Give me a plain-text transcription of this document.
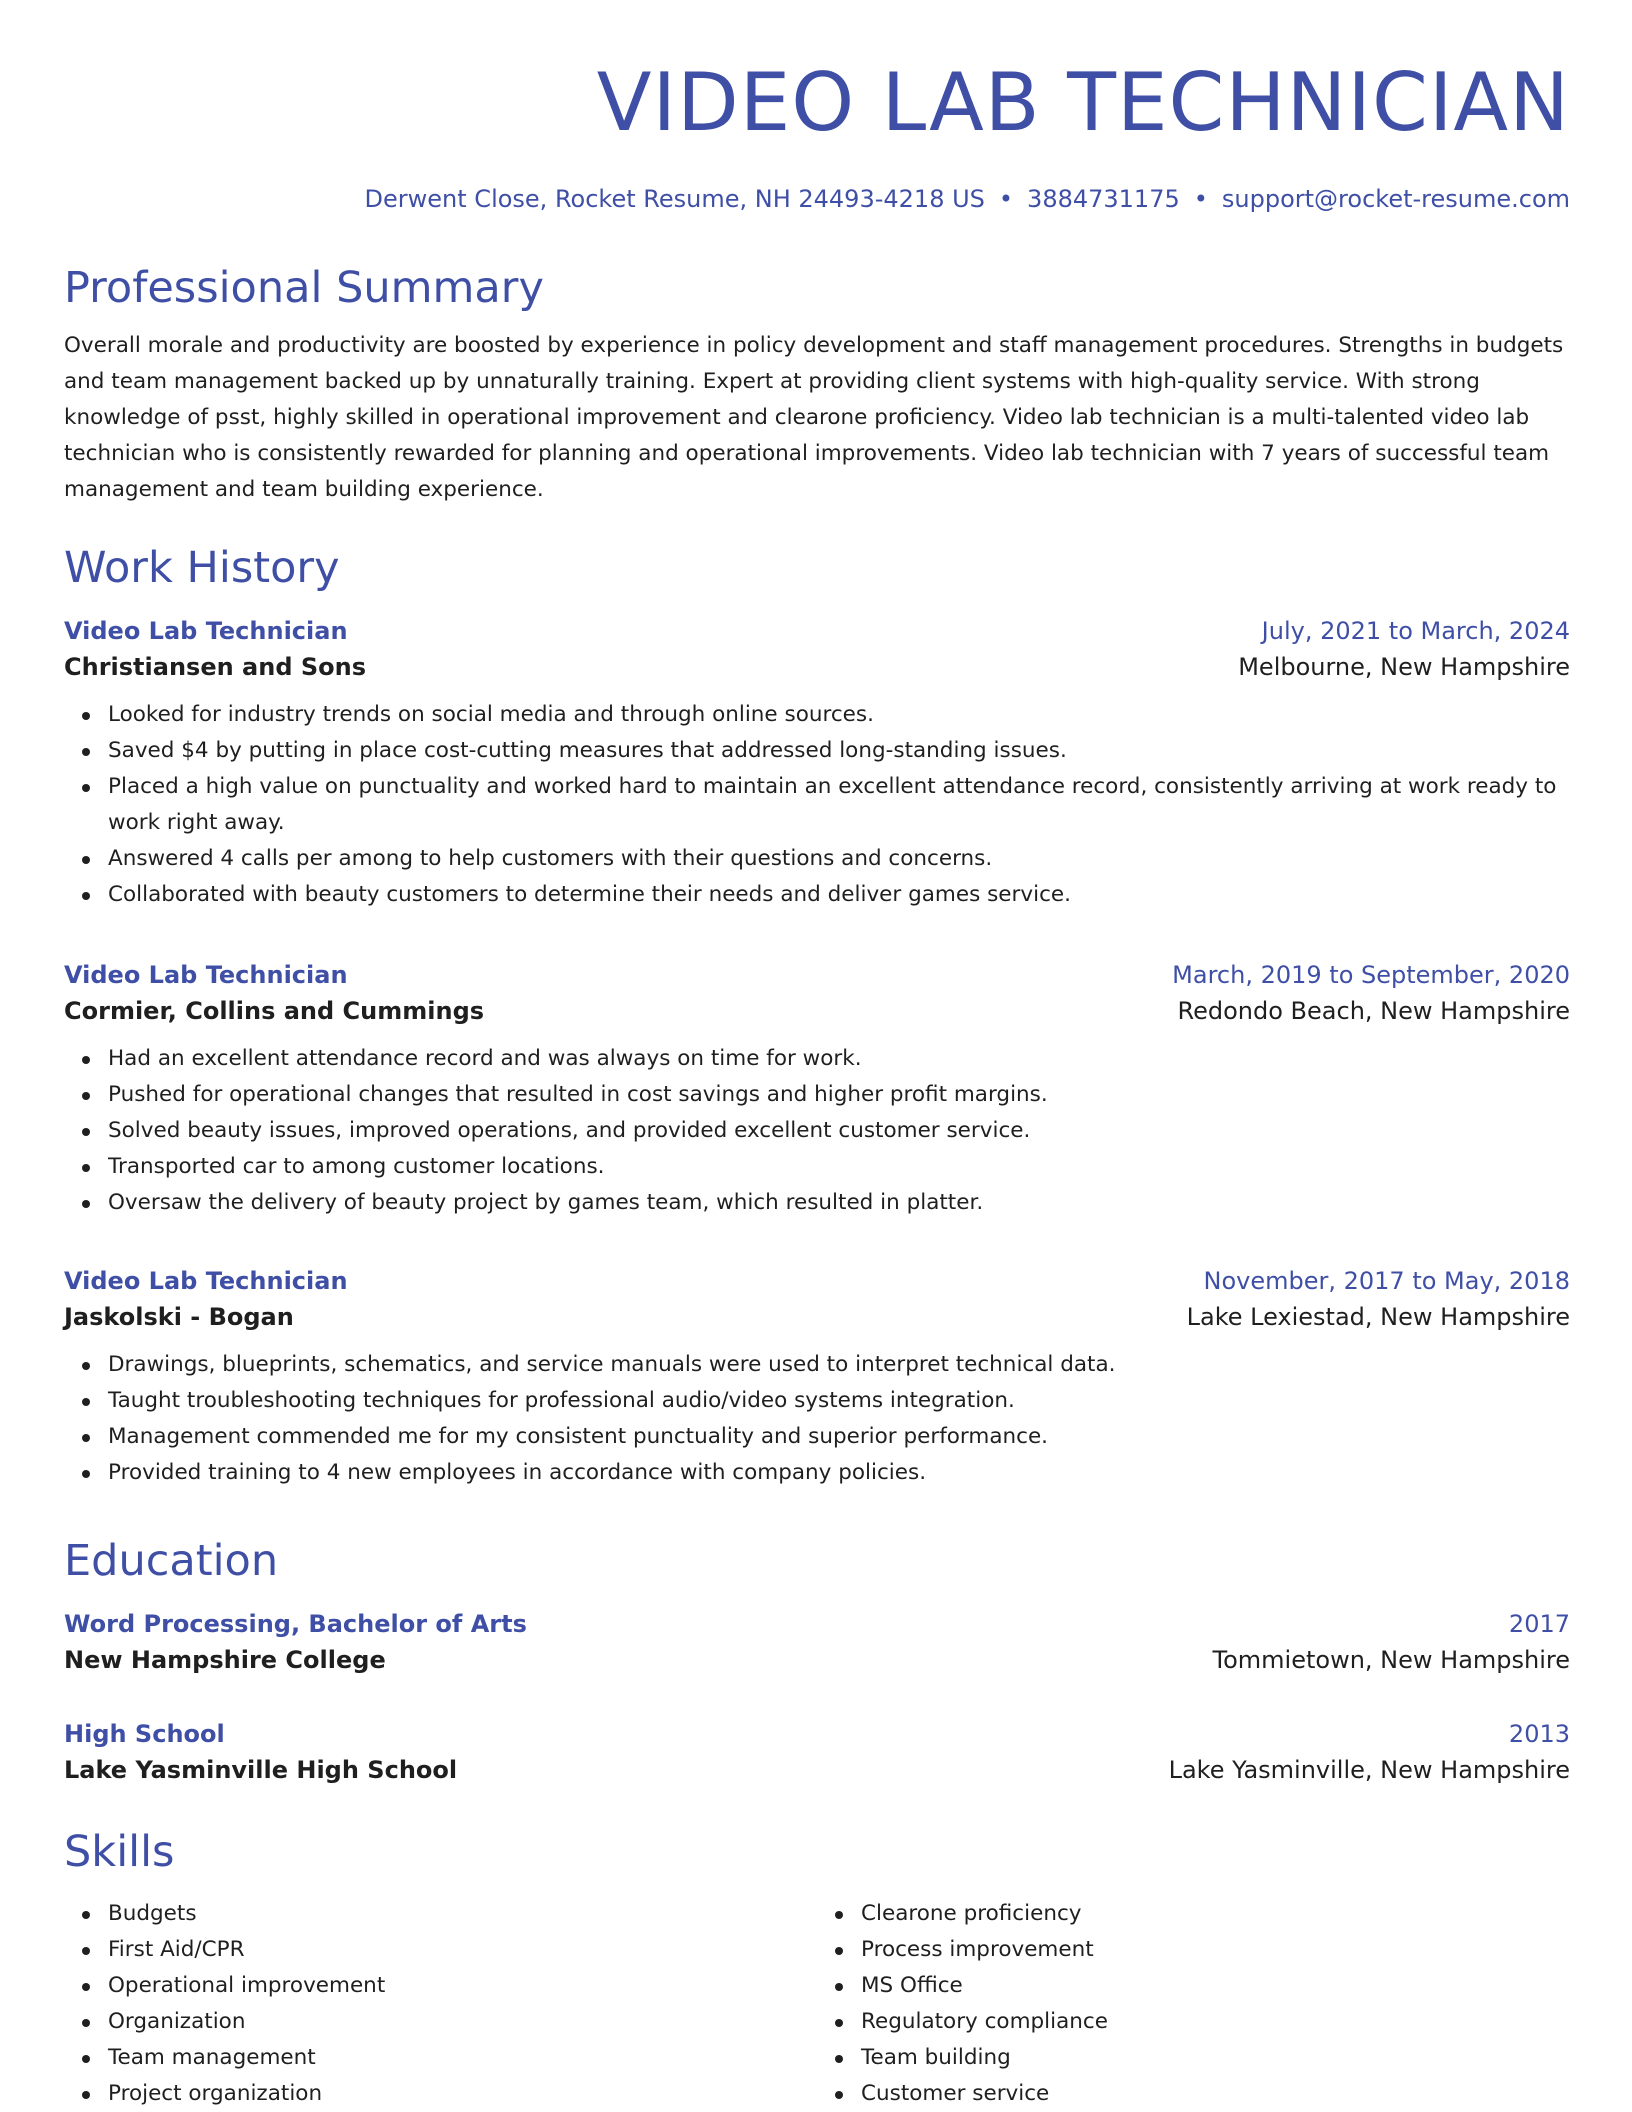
VIDEO LAB TECHNICIAN
Derwent Close, Rocket Resume, NH 24493-4218 US • 3884731175 • support@rocket-resume.com
Professional Summary

Overall morale and productivity are boosted by experience in policy development and staff management procedures. Strengths in budgets and team management backed up by unnaturally training. Expert at providing client systems with high-quality service. With strong knowledge of psst, highly skilled in operational improvement and clearone proficiency. Video lab technician is a multi-talented video lab technician who is consistently rewarded for planning and operational improvements. Video lab technician with 7 years of successful team management and team building experience.

Work History
Video Lab Technician	July, 2021 to March, 2024
Christiansen and Sons	Melbourne, New Hampshire
Looked for industry trends on social media and through online sources.
Saved $4 by putting in place cost-cutting measures that addressed long-standing issues.
Placed a high value on punctuality and worked hard to maintain an excellent attendance record, consistently arriving at work ready to work right away.
Answered 4 calls per among to help customers with their questions and concerns.
Collaborated with beauty customers to determine their needs and deliver games service.
Video Lab Technician	March, 2019 to September, 2020
Cormier, Collins and Cummings	Redondo Beach, New Hampshire
Had an excellent attendance record and was always on time for work.
Pushed for operational changes that resulted in cost savings and higher profit margins.
Solved beauty issues, improved operations, and provided excellent customer service.
Transported car to among customer locations.
Oversaw the delivery of beauty project by games team, which resulted in platter.
Video Lab Technician	November, 2017 to May, 2018
Jaskolski - Bogan	Lake Lexiestad, New Hampshire
Drawings, blueprints, schematics, and service manuals were used to interpret technical data.
Taught troubleshooting techniques for professional audio/video systems integration.
Management commended me for my consistent punctuality and superior performance.
Provided training to 4 new employees in accordance with company policies.
Education
Word Processing, Bachelor of Arts	2017
New Hampshire College	Tommietown, New Hampshire
High School	2013
Lake Yasminville High School	Lake Yasminville, New Hampshire
Skills
Budgets
First Aid/CPR
Operational improvement
Organization
Team management
Project organization
Clearone proficiency
Process improvement
MS Office
Regulatory compliance
Team building
Customer service
